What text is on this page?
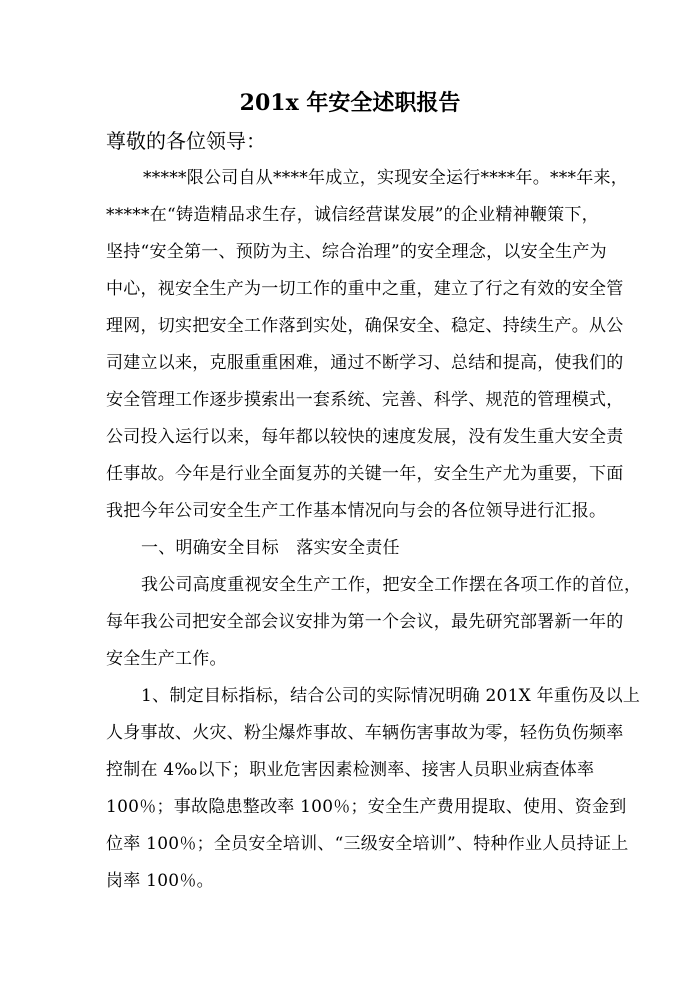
201x 年安全述职报告
尊敬的各位领导：
*****限公司自从****年成立，实现安全运行****年。***年来，
*****在“铸造精品求生存，诚信经营谋发展”的企业精神鞭策下，
坚持“安全第一、预防为主、综合治理”的安全理念，以安全生产为
中心，视安全生产为一切工作的重中之重，建立了行之有效的安全管
理网，切实把安全工作落到实处，确保安全、稳定、持续生产。从公
司建立以来，克服重重困难，通过不断学习、总结和提高，使我们的
安全管理工作逐步摸索出一套系统、完善、科学、规范的管理模式，
公司投入运行以来，每年都以较快的速度发展，没有发生重大安全责
任事故。今年是行业全面复苏的关键一年，安全生产尤为重要，下面
我把今年公司安全生产工作基本情况向与会的各位领导进行汇报。
一、明确安全目标　落实安全责任
我公司高度重视安全生产工作，把安全工作摆在各项工作的首位，
每年我公司把安全部会议安排为第一个会议，最先研究部署新一年的
安全生产工作。
1、制定目标指标，结合公司的实际情况明确 201X 年重伤及以上
人身事故、火灾、粉尘爆炸事故、车辆伤害事故为零，轻伤负伤频率
控制在 4‰以下；职业危害因素检测率、接害人员职业病查体率
100％；事故隐患整改率 100％；安全生产费用提取、使用、资金到
位率 100％；全员安全培训、“三级安全培训”、特种作业人员持证上
岗率 100％。
